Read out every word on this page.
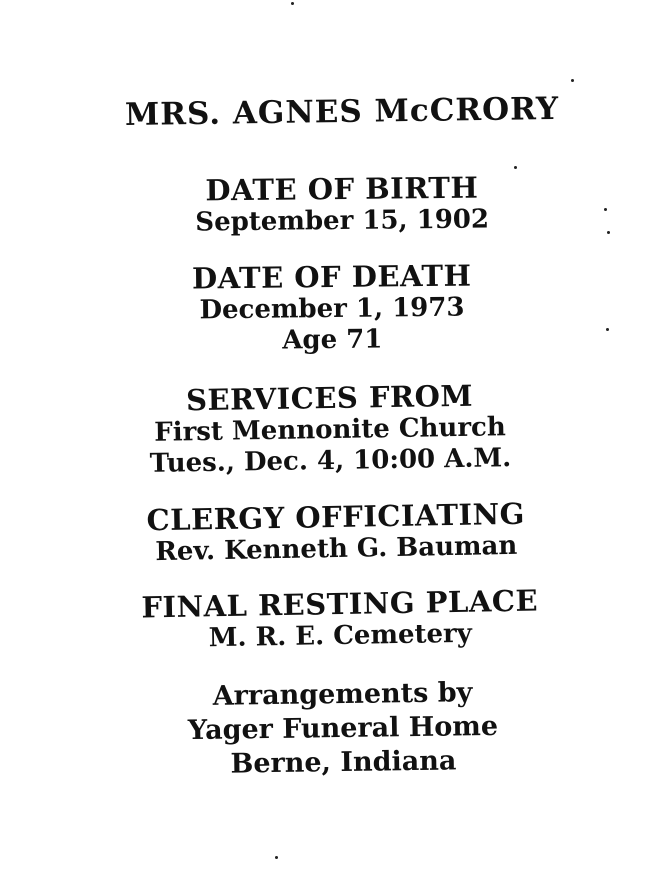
MRS. AGNES McCRORY
DATE OF BIRTH
September 15, 1902
DATE OF DEATH
December 1, 1973
Age 71
SERVICES FROM
First Mennonite Church
Tues., Dec. 4, 10:00 A.M.
CLERGY OFFICIATING
Rev. Kenneth G. Bauman
FINAL RESTING PLACE
M. R. E. Cemetery
Arrangements by
Yager Funeral Home
Berne, Indiana
